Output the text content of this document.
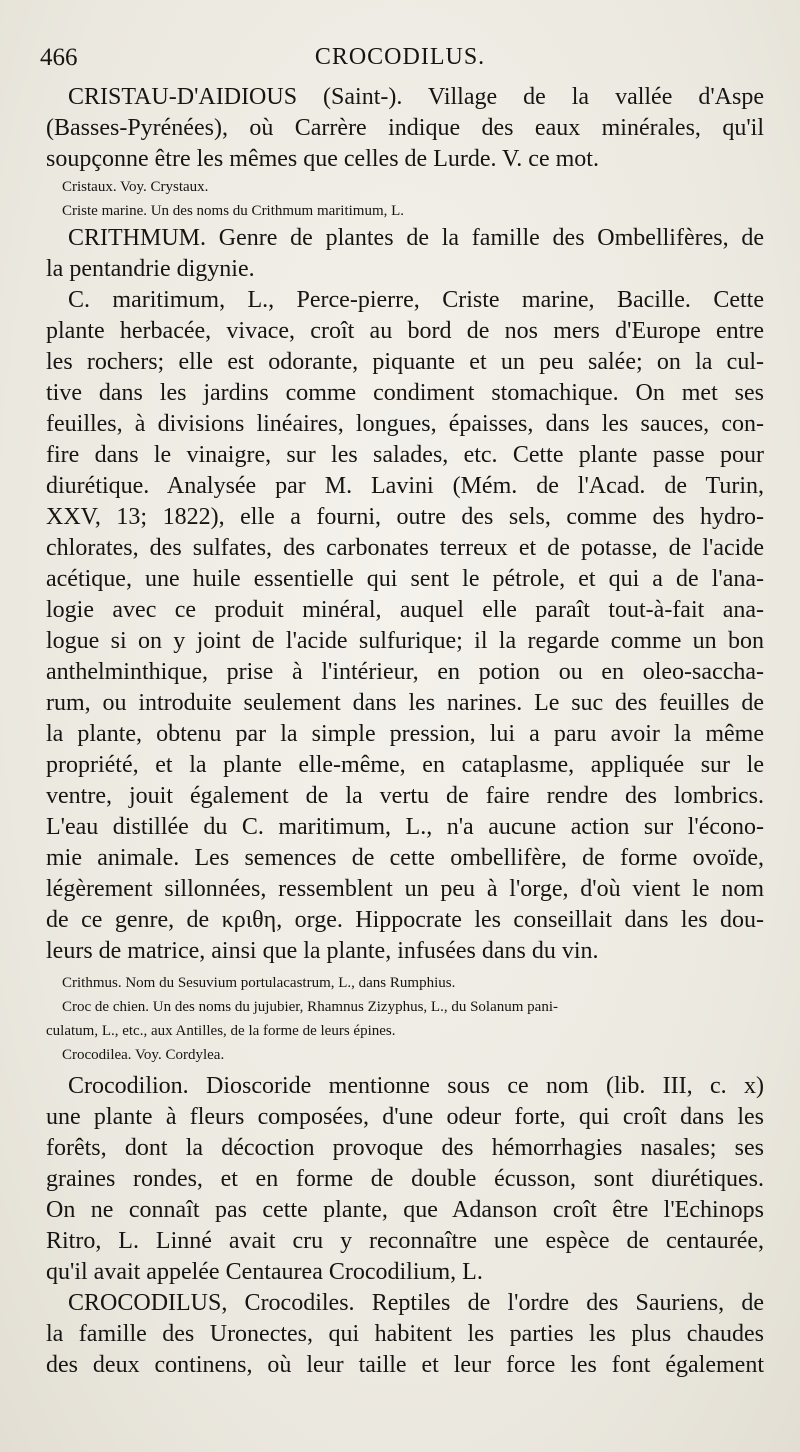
466	CROCODILUS.
CRISTAU-D'AIDIOUS (Saint-). Village de la vallée d'Aspe
(Basses-Pyrénées), où Carrère indique des eaux minérales, qu'il
soupçonne être les mêmes que celles de Lurde. V. ce mot.
Cristaux. Voy. Crystaux.
Criste marine. Un des noms du Crithmum maritimum, L.
CRITHMUM. Genre de plantes de la famille des Ombellifères, de
la pentandrie digynie.
C. maritimum, L., Perce-pierre, Criste marine, Bacille. Cette
plante herbacée, vivace, croît au bord de nos mers d'Europe entre
les rochers; elle est odorante, piquante et un peu salée; on la cul-
tive dans les jardins comme condiment stomachique. On met ses
feuilles, à divisions linéaires, longues, épaisses, dans les sauces, con-
fire dans le vinaigre, sur les salades, etc. Cette plante passe pour
diurétique. Analysée par M. Lavini (Mém. de l'Acad. de Turin,
XXV, 13; 1822), elle a fourni, outre des sels, comme des hydro-
chlorates, des sulfates, des carbonates terreux et de potasse, de l'acide
acétique, une huile essentielle qui sent le pétrole, et qui a de l'ana-
logie avec ce produit minéral, auquel elle paraît tout-à-fait ana-
logue si on y joint de l'acide sulfurique; il la regarde comme un bon
anthelminthique, prise à l'intérieur, en potion ou en oleo-saccha-
rum, ou introduite seulement dans les narines. Le suc des feuilles de
la plante, obtenu par la simple pression, lui a paru avoir la même
propriété, et la plante elle-même, en cataplasme, appliquée sur le
ventre, jouit également de la vertu de faire rendre des lombrics.
L'eau distillée du C. maritimum, L., n'a aucune action sur l'écono-
mie animale. Les semences de cette ombellifère, de forme ovoïde,
légèrement sillonnées, ressemblent un peu à l'orge, d'où vient le nom
de ce genre, de κριθη, orge. Hippocrate les conseillait dans les dou-
leurs de matrice, ainsi que la plante, infusées dans du vin.
Crithmus. Nom du Sesuvium portulacastrum, L., dans Rumphius.
Croc de chien. Un des noms du jujubier, Rhamnus Zizyphus, L., du Solanum pani-
culatum, L., etc., aux Antilles, de la forme de leurs épines.
Crocodilea. Voy. Cordylea.
Crocodilion. Dioscoride mentionne sous ce nom (lib. III, c. x)
une plante à fleurs composées, d'une odeur forte, qui croît dans les
forêts, dont la décoction provoque des hémorrhagies nasales; ses
graines rondes, et en forme de double écusson, sont diurétiques.
On ne connaît pas cette plante, que Adanson croît être l'Echinops
Ritro, L. Linné avait cru y reconnaître une espèce de centaurée,
qu'il avait appelée Centaurea Crocodilium, L.
CROCODILUS, Crocodiles. Reptiles de l'ordre des Sauriens, de
la famille des Uronectes, qui habitent les parties les plus chaudes
des deux continens, où leur taille et leur force les font également
